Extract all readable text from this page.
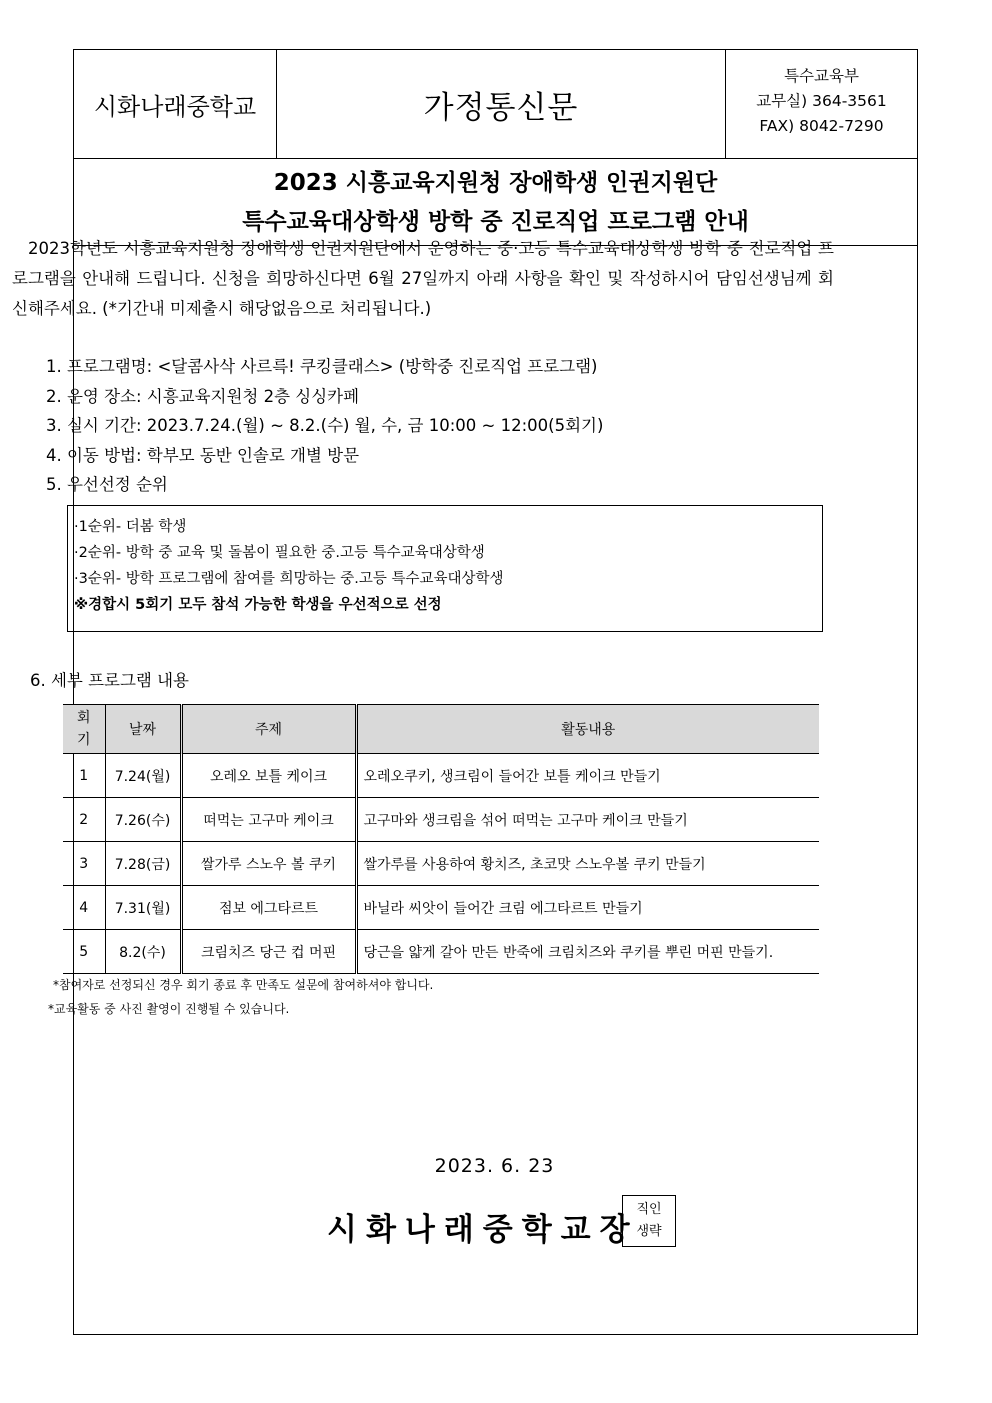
시화나래중학교	가정통신문
특수교육부
교무실) 364-3561
FAX) 8042-7290
2023 시흥교육지원청 장애학생 인권지원단
특수교육대상학생 방학 중 진로직업 프로그램 안내
2023학년도 시흥교육지원청 장애학생 인권지원단에서 운영하는 중·고등 특수교육대상학생 방학 중 진로직업 프로그램을 안내해 드립니다. 신청을 희망하신다면 6월 27일까지 아래 사항을 확인 및 작성하시어 담임선생님께 회신해주세요. (*기간내 미제출시 해당없음으로 처리됩니다.)
1. 프로그램명: <달콤사삭 사르륵! 쿠킹클래스> (방학중 진로직업 프로그램)
2. 운영 장소: 시흥교육지원청 2층 싱싱카페
3. 실시 기간: 2023.7.24.(월) ~ 8.2.(수) 월, 수, 금 10:00 ~ 12:00(5회기)
4. 이동 방법: 학부모 동반 인솔로 개별 방문
5. 우선선정 순위
·1순위- 더봄 학생
·2순위- 방학 중 교육 및 돌봄이 필요한 중.고등 특수교육대상학생
·3순위- 방학 프로그램에 참여를 희망하는 중.고등 특수교육대상학생
※경합시 5회기 모두 참석 가능한 학생을 우선적으로 선정
6. 세부 프로그램 내용
회
기	날짜	주제	활동내용
1	7.24(월)	오레오 보틀 케이크	오레오쿠키, 생크림이 들어간 보틀 케이크 만들기
2	7.26(수)	떠먹는 고구마 케이크	고구마와 생크림을 섞어 떠먹는 고구마 케이크 만들기
3	7.28(금)	쌀가루 스노우 볼 쿠키	쌀가루를 사용하여 황치즈, 초코맛 스노우볼 쿠키 만들기
4	7.31(월)	점보 에그타르트	바닐라 씨앗이 들어간 크림 에그타르트 만들기
5	8.2(수)	크림치즈 당근 컵 머핀	당근을 얇게 갈아 만든 반죽에 크림치즈와 쿠키를 뿌린 머핀 만들기.
*참여자로 선정되신 경우 회기 종료 후 만족도 설문에 참여하셔야 합니다.
*교육활동 중 사진 촬영이 진행될 수 있습니다.
2023. 6. 23
시화나래중학교장
직인
생략
